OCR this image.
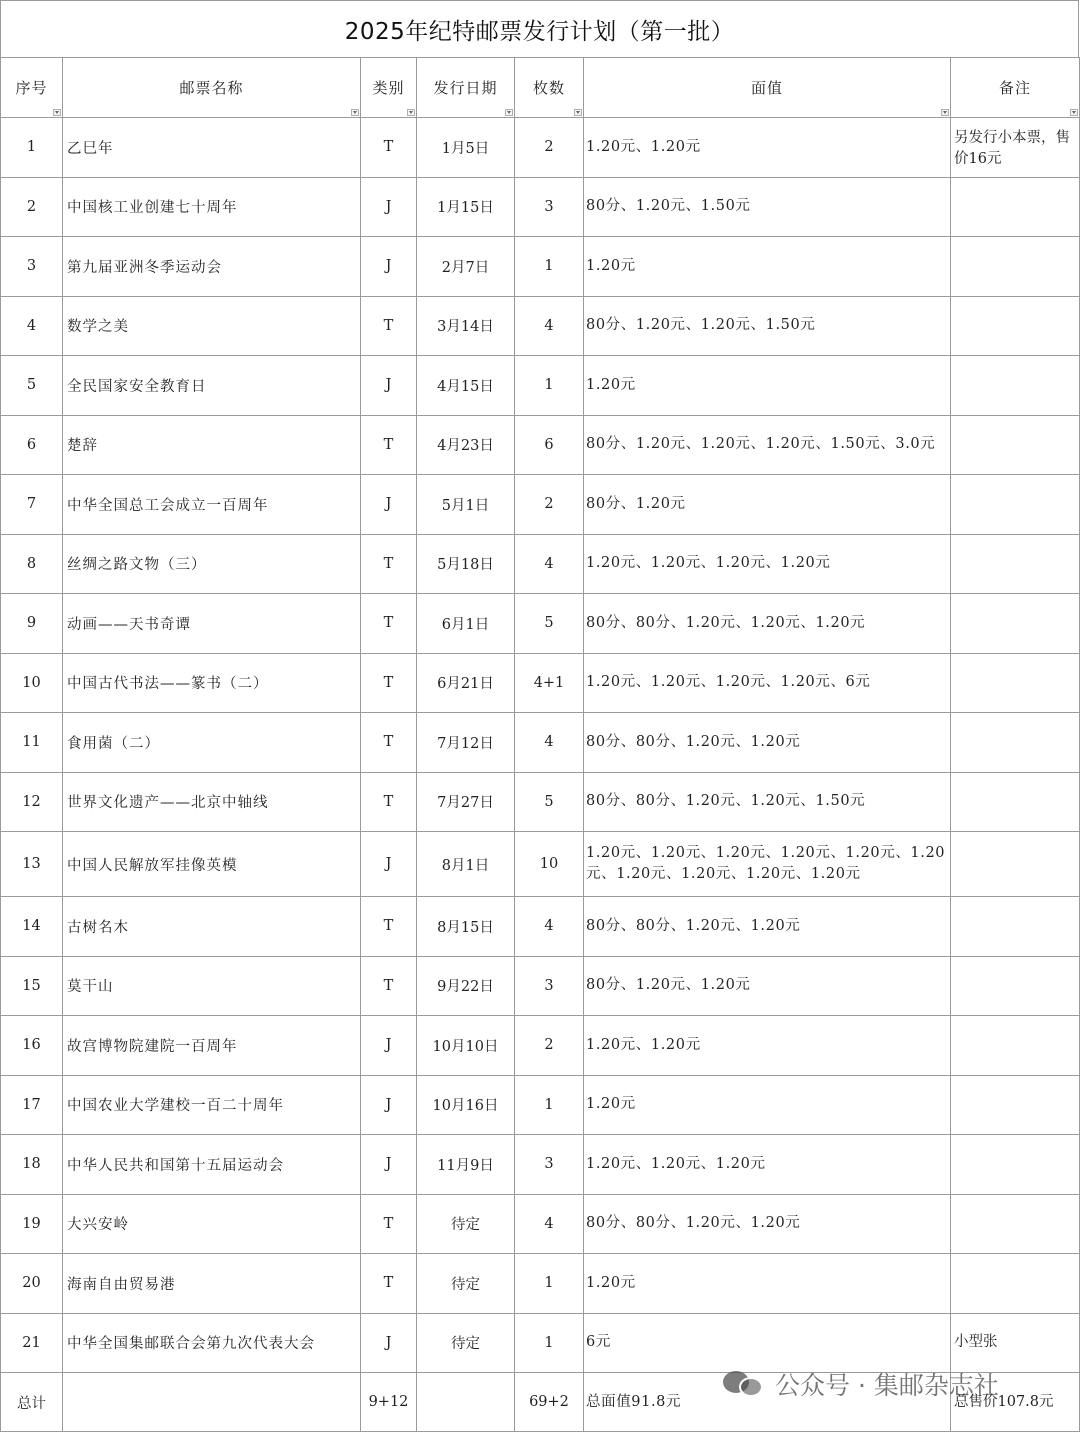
2025年纪特邮票发行计划（第一批）
序号	邮票名称	类别	发行日期	枚数	面值	备注

1	乙巳年	T	1月5日	2	1.20元、1.20元	另发行小本票，售价16元
2	中国核工业创建七十周年	J	1月15日	3	80分、1.20元、1.50元	
3	第九届亚洲冬季运动会	J	2月7日	1	1.20元	
4	数学之美	T	3月14日	4	80分、1.20元、1.20元、1.50元	
5	全民国家安全教育日	J	4月15日	1	1.20元	
6	楚辞	T	4月23日	6	80分、1.20元、1.20元、1.20元、1.50元、3.0元	
7	中华全国总工会成立一百周年	J	5月1日	2	80分、1.20元	
8	丝绸之路文物（三）	T	5月18日	4	1.20元、1.20元、1.20元、1.20元	
9	动画——天书奇谭	T	6月1日	5	80分、80分、1.20元、1.20元、1.20元	
10	中国古代书法——篆书（二）	T	6月21日	4+1	1.20元、1.20元、1.20元、1.20元、6元	
11	食用菌（二）	T	7月12日	4	80分、80分、1.20元、1.20元	
12	世界文化遗产——北京中轴线	T	7月27日	5	80分、80分、1.20元、1.20元、1.50元	
13	中国人民解放军挂像英模	J	8月1日	10	1.20元、1.20元、1.20元、1.20元、1.20元、1.20元、1.20元、1.20元、1.20元、1.20元	
14	古树名木	T	8月15日	4	80分、80分、1.20元、1.20元	
15	莫干山	T	9月22日	3	80分、1.20元、1.20元	
16	故宫博物院建院一百周年	J	10月10日	2	1.20元、1.20元	
17	中国农业大学建校一百二十周年	J	10月16日	1	1.20元	
18	中华人民共和国第十五届运动会	J	11月9日	3	1.20元、1.20元、1.20元	
19	大兴安岭	T	待定	4	80分、80分、1.20元、1.20元	
20	海南自由贸易港	T	待定	1	1.20元	
21	中华全国集邮联合会第九次代表大会	J	待定	1	6元	小型张
总计		9+12		69+2	总面值91.8元	总售价107.8元
公众号 · 集邮杂志社
